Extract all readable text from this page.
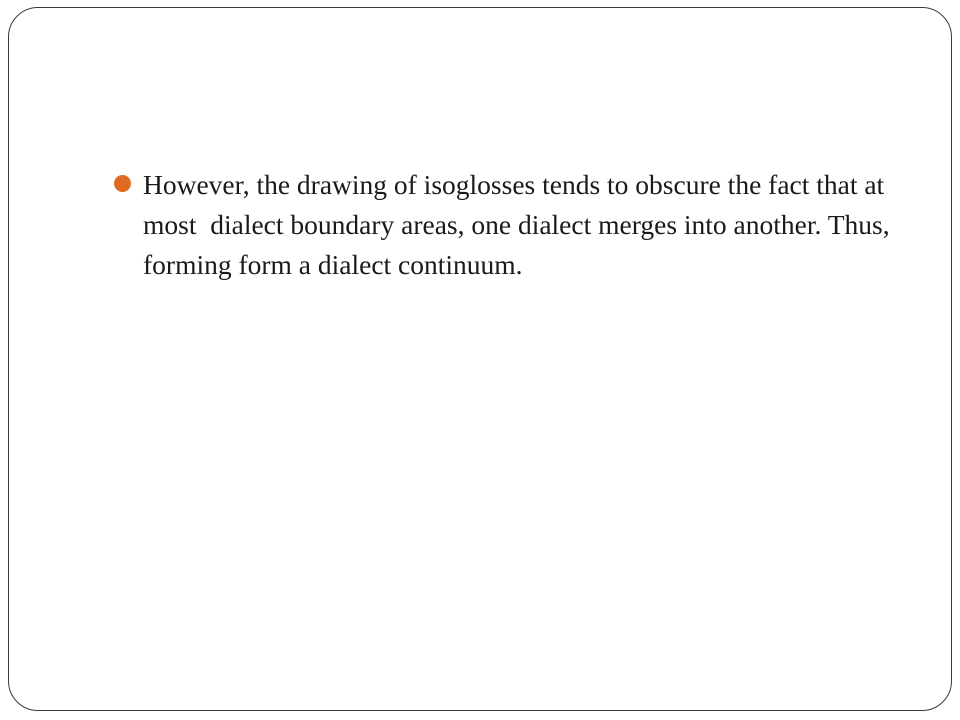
However, the drawing of isoglosses tends to obscure the fact that at most  dialect boundary areas, one dialect merges into another. Thus, forming form a dialect continuum.
